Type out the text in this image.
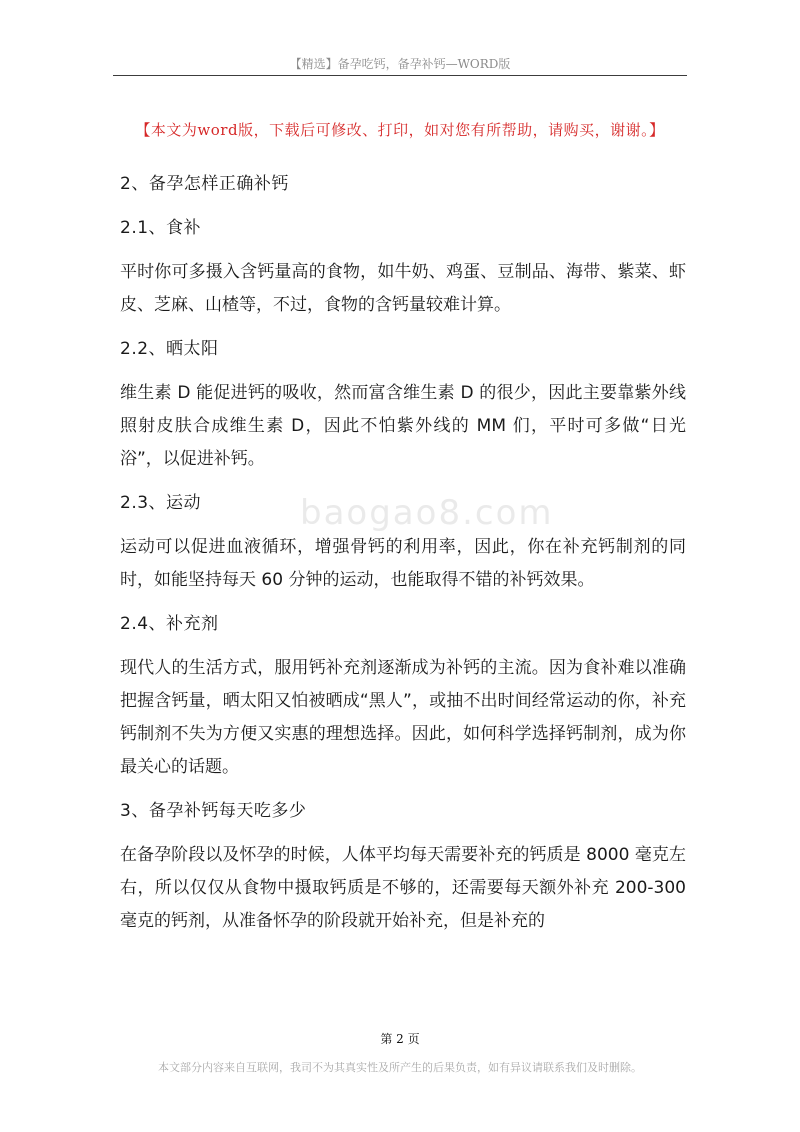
【精选】备孕吃钙，备孕补钙—WORD版
【本文为word版，下载后可修改、打印，如对您有所帮助，请购买，谢谢。】
baogao8.com
2、备孕怎样正确补钙
2.1、食补
平时你可多摄入含钙量高的食物，如牛奶、鸡蛋、豆制品、海带、紫菜、虾皮、芝麻、山楂等，不过，食物的含钙量较难计算。
2.2、晒太阳
维生素 D 能促进钙的吸收，然而富含维生素 D 的很少，因此主要靠紫外线照射皮肤合成维生素 D，因此不怕紫外线的 MM 们，平时可多做“日光浴”，以促进补钙。
2.3、运动
运动可以促进血液循环，增强骨钙的利用率，因此，你在补充钙制剂的同时，如能坚持每天 60 分钟的运动，也能取得不错的补钙效果。
2.4、补充剂
现代人的生活方式，服用钙补充剂逐渐成为补钙的主流。因为食补难以准确把握含钙量，晒太阳又怕被晒成“黑人”，或抽不出时间经常运动的你，补充钙制剂不失为方便又实惠的理想选择。因此，如何科学选择钙制剂，成为你最关心的话题。
3、备孕补钙每天吃多少
在备孕阶段以及怀孕的时候，人体平均每天需要补充的钙质是 8000 毫克左右，所以仅仅从食物中摄取钙质是不够的，还需要每天额外补充 200-300 毫克的钙剂，从准备怀孕的阶段就开始补充，但是补充的
第 2 页
本文部分内容来自互联网，我司不为其真实性及所产生的后果负责，如有异议请联系我们及时删除。
